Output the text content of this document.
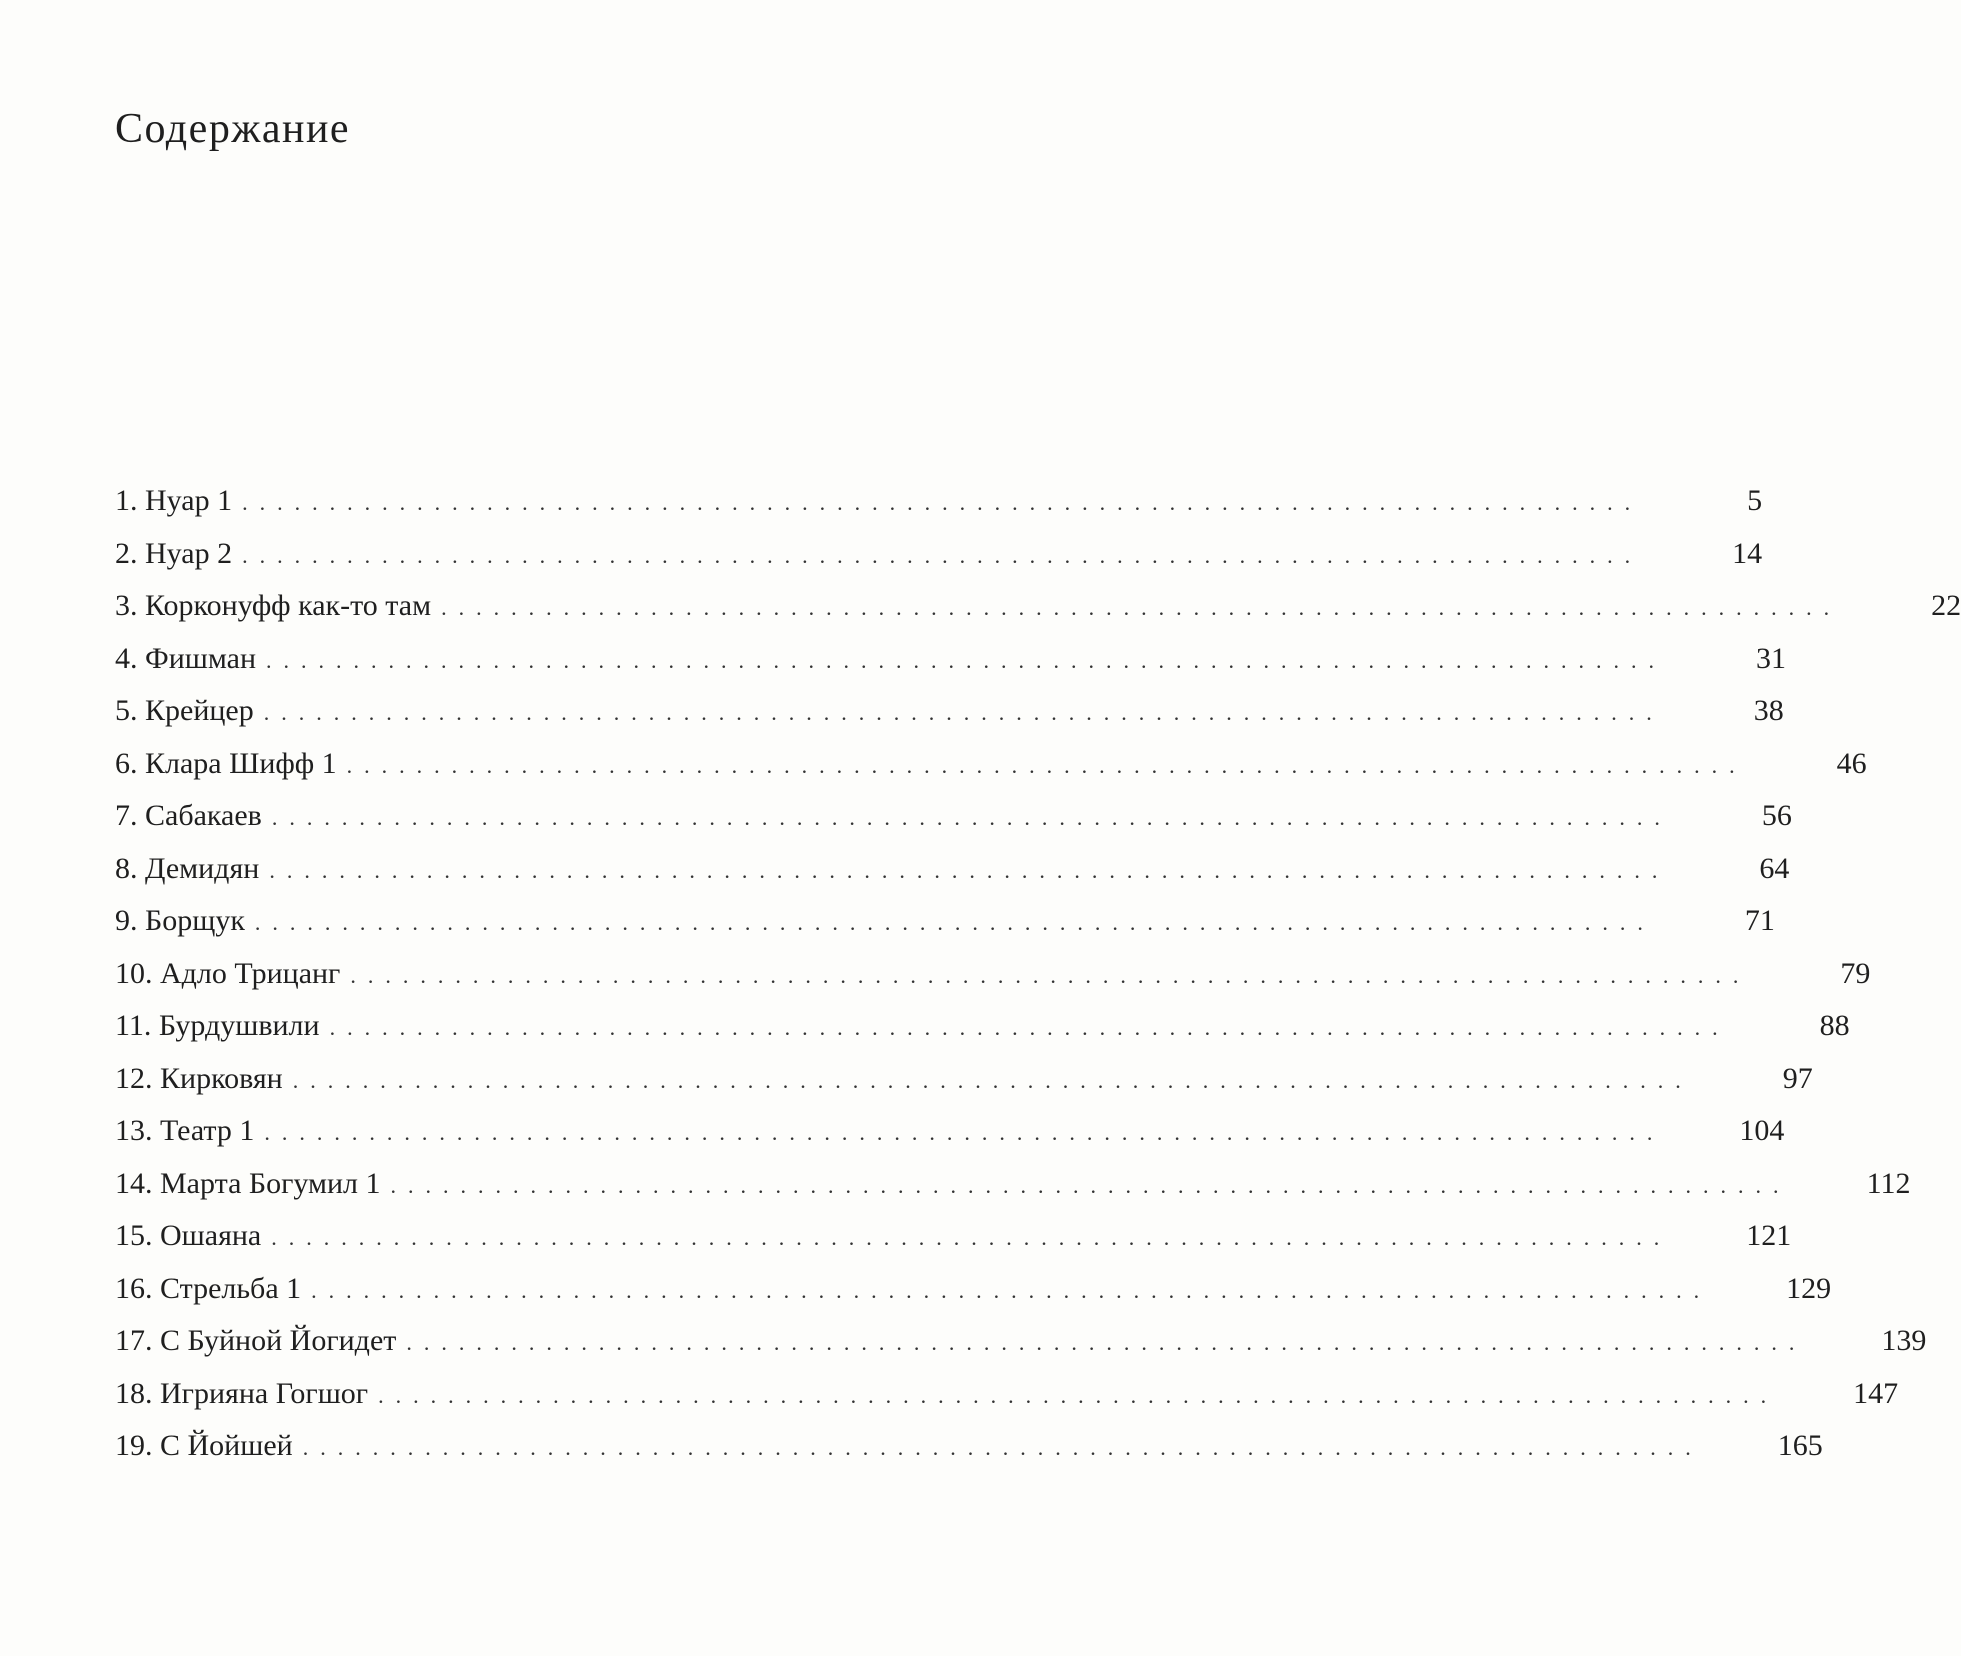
Содержание
1. Нуар 1 ................................................................................	5
2. Нуар 2 ................................................................................	14
3. Корконуфф как-то там ................................................................................	22
4. Фишман ................................................................................	31
5. Крейцер ................................................................................	38
6. Клара Шифф 1 ................................................................................	46
7. Сабакаев ................................................................................	56
8. Демидян ................................................................................	64
9. Борщук ................................................................................	71
10. Адло Трицанг ................................................................................	79
11. Бурдушвили ................................................................................	88
12. Кирковян ................................................................................	97
13. Театр 1 ................................................................................	104
14. Марта Богумил 1 ................................................................................	112
15. Ошаяна ................................................................................	121
16. Стрельба 1 ................................................................................	129
17. С Буйной Йогидет ................................................................................	139
18. Игрияна Гогшог ................................................................................	147
19. С Йойшей ................................................................................	165
